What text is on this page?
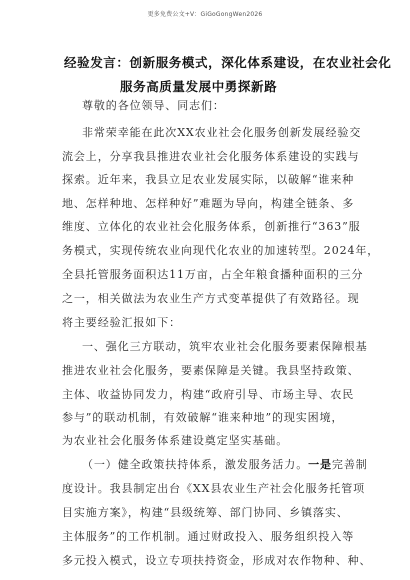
更多免费公文+V：GiGoGongWen2026
经验发言：创新服务模式，深化体系建设，在农业社会化
服务高质量发展中勇探新路
尊敬的各位领导、同志们：
非常荣幸能在此次XX农业社会化服务创新发展经验交
流会上，分享我县推进农业社会化服务体系建设的实践与
探索。近年来，我县立足农业发展实际，以破解“谁来种
地、怎样种地、怎样种好”难题为导向，构建全链条、多
维度、立体化的农业社会化服务体系，创新推行“363”服
务模式，实现传统农业向现代化农业的加速转型。2024年，
全县托管服务面积达11万亩，占全年粮食播种面积的三分
之一，相关做法为农业生产方式变革提供了有效路径。现
将主要经验汇报如下：
一、强化三方联动，筑牢农业社会化服务要素保障根基
推进农业社会化服务，要素保障是关键。我县坚持政策、
主体、收益协同发力，构建“政府引导、市场主导、农民
参与”的联动机制，有效破解“谁来种地”的现实困境，
为农业社会化服务体系建设奠定坚实基础。
（一）健全政策扶持体系，激发服务活力。一是完善制
度设计。我县制定出台《XX县农业生产社会化服务托管项
目实施方案》，构建“县级统筹、部门协同、乡镇落实、
主体服务”的工作机制。通过财政投入、服务组织投入等
多元投入模式，设立专项扶持资金，形成对农作物种、种、
